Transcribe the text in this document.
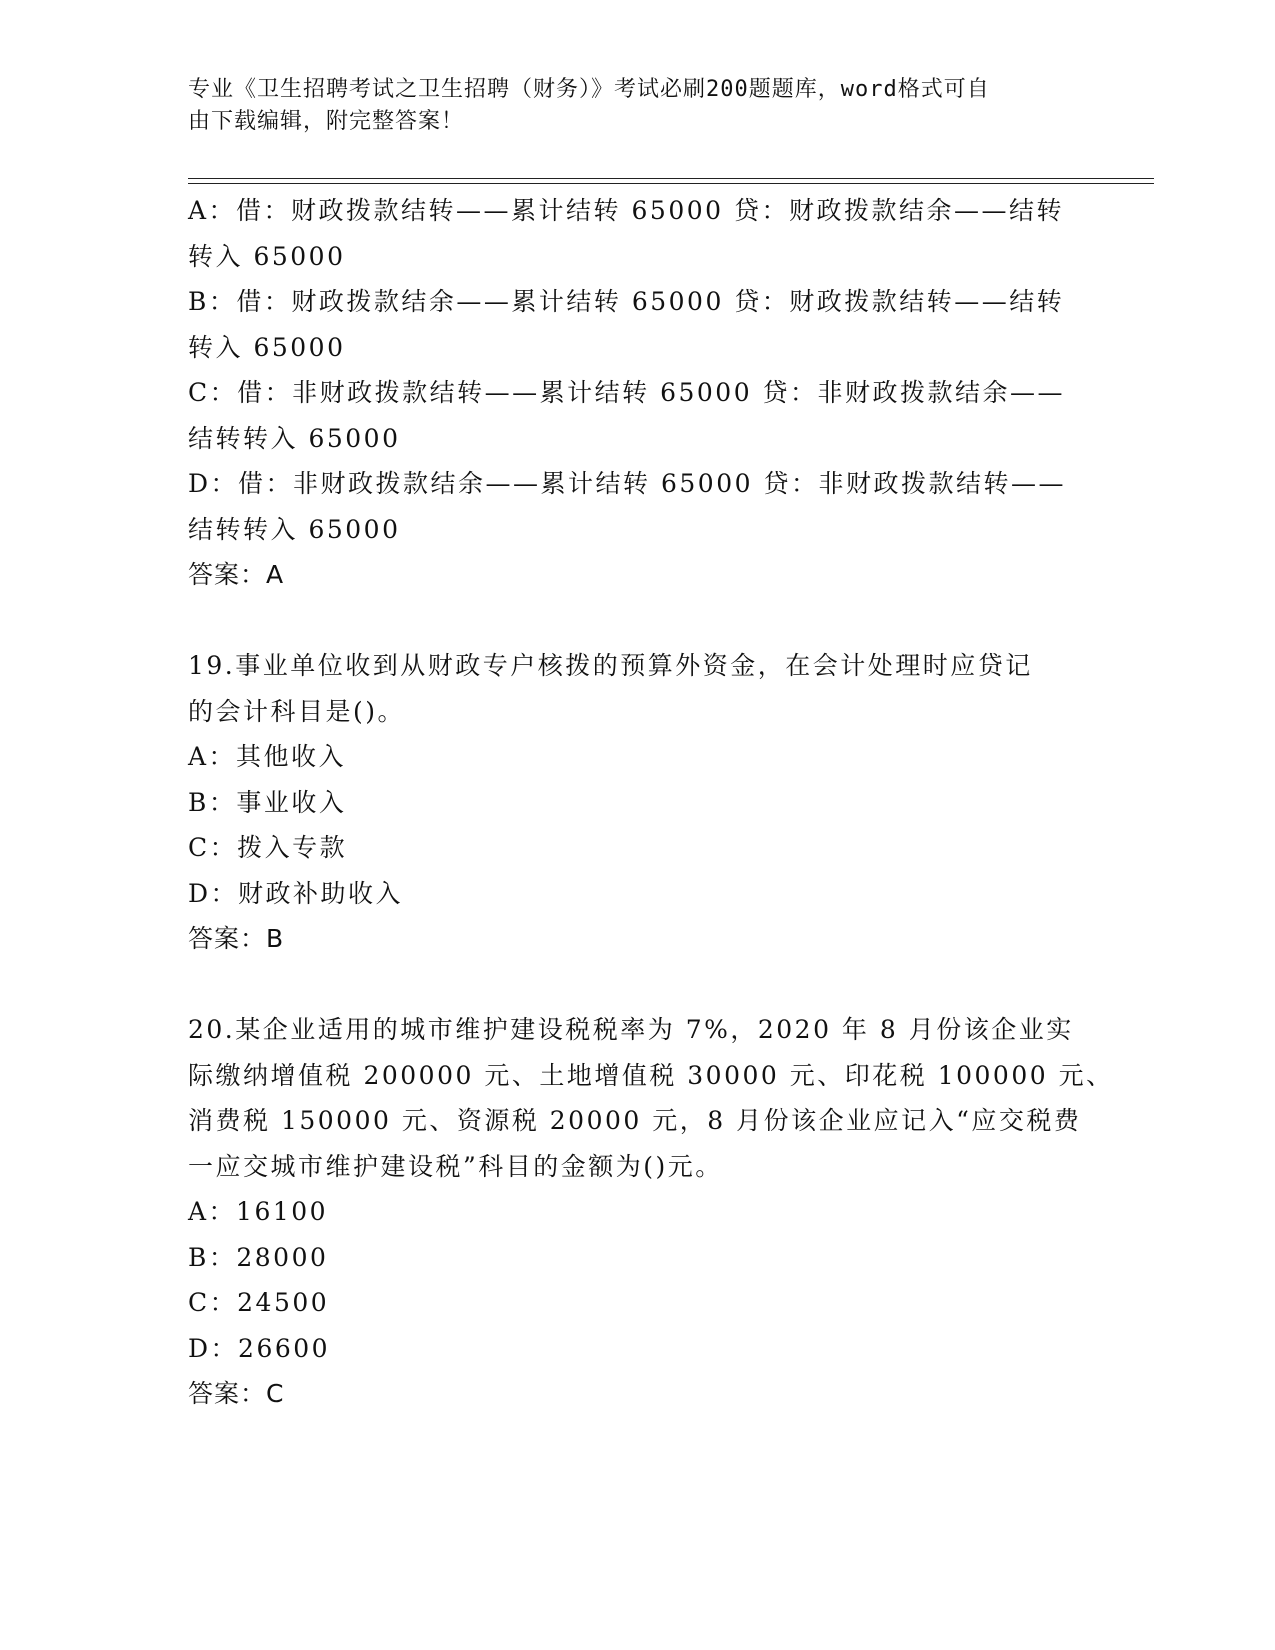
专业《卫生招聘考试之卫生招聘（财务）》考试必刷200题题库，word格式可自
由下载编辑，附完整答案！
A：借：财政拨款结转——累计结转 65000 贷：财政拨款结余——结转
转入 65000
B：借：财政拨款结余——累计结转 65000 贷：财政拨款结转——结转
转入 65000
C：借：非财政拨款结转——累计结转 65000 贷：非财政拨款结余——
结转转入 65000
D：借：非财政拨款结余——累计结转 65000 贷：非财政拨款结转——
结转转入 65000
答案：A
19.事业单位收到从财政专户核拨的预算外资金，在会计处理时应贷记
的会计科目是()。
A：其他收入
B：事业收入
C：拨入专款
D：财政补助收入
答案：B
20.某企业适用的城市维护建设税税率为 7%，2020 年 8 月份该企业实
际缴纳增值税 200000 元、土地增值税 30000 元、印花税 100000 元、
消费税 150000 元、资源税 20000 元，8 月份该企业应记入“应交税费
一应交城市维护建设税”科目的金额为()元。
A：16100
B：28000
C：24500
D：26600
答案：C
